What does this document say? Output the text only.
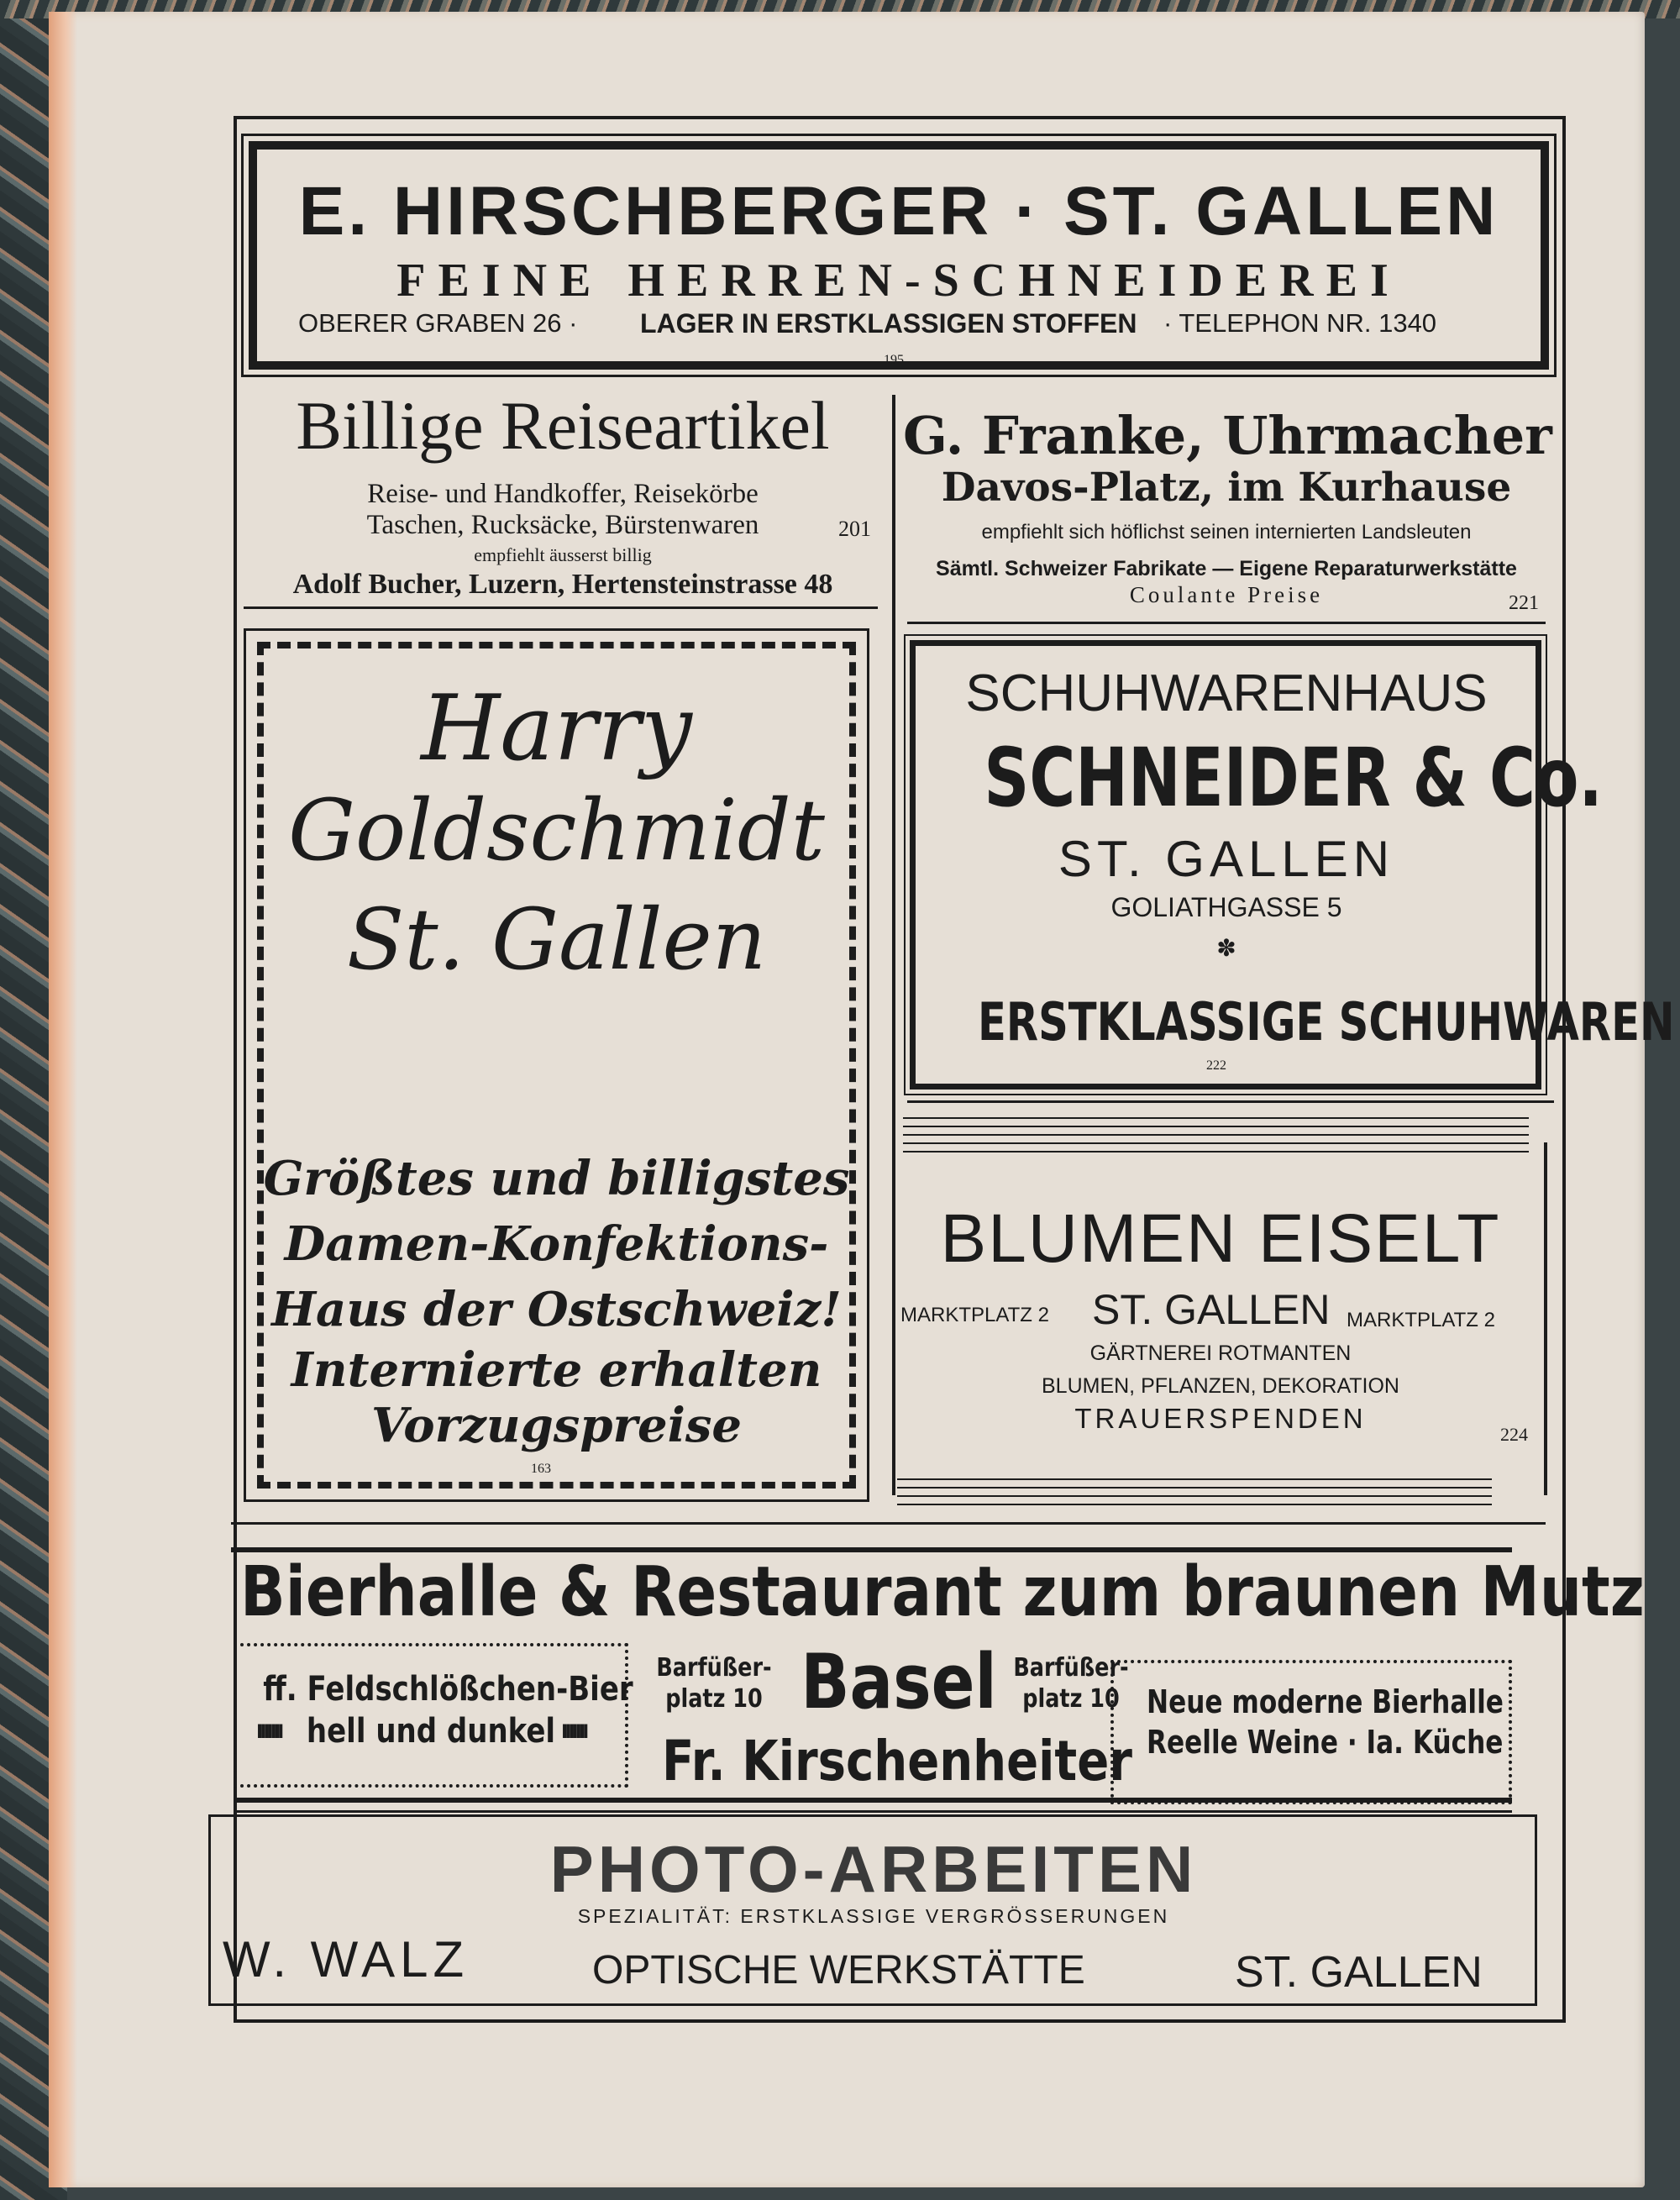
E. HIRSCHBERGER · ST. GALLEN
FEINE HERREN-SCHNEIDEREI
OBERER GRABEN 26 · LAGER IN ERSTKLASSIGEN STOFFEN · TELEPHON NR. 1340
195
Billige Reiseartikel
Reise- und Handkoffer, Reisekörbe
Taschen, Rucksäcke, Bürstenwaren	201
empfiehlt äusserst billig
Adolf Bucher, Luzern, Hertensteinstrasse 48
G. Franke, Uhrmacher
Davos-Platz, im Kurhause
empfiehlt sich höflichst seinen internierten Landsleuten
Sämtl. Schweizer Fabrikate — Eigene Reparaturwerkstätte
Coulante Preise	221
Harry
Goldschmidt
St. Gallen
Größtes und billigstes
Damen-Konfektions-
Haus der Ostschweiz!
Internierte erhalten
Vorzugspreise
163
SCHUHWARENHAUS
SCHNEIDER & Co.
ST. GALLEN
GOLIATHGASSE 5
✽
ERSTKLASSIGE SCHUHWAREN
222
BLUMEN EISELT
MARKTPLATZ 2 ST. GALLEN MARKTPLATZ 2
GÄRTNEREI ROTMANTEN
BLUMEN, PFLANZEN, DEKORATION
TRAUERSPENDEN
224
Bierhalle & Restaurant zum braunen Mutz
ff. Feldschlößchen-Bier
IIIIIII hell und dunkel IIIIIII
Barfüßer-
platz 10 Basel Barfüßer-
platz 10
Fr. Kirschenheiter
Neue moderne Bierhalle
Reelle Weine · Ia. Küche
PHOTO-ARBEITEN
SPEZIALITÄT: ERSTKLASSIGE VERGRÖSSERUNGEN
W. WALZ	OPTISCHE WERKSTÄTTE	ST. GALLEN
